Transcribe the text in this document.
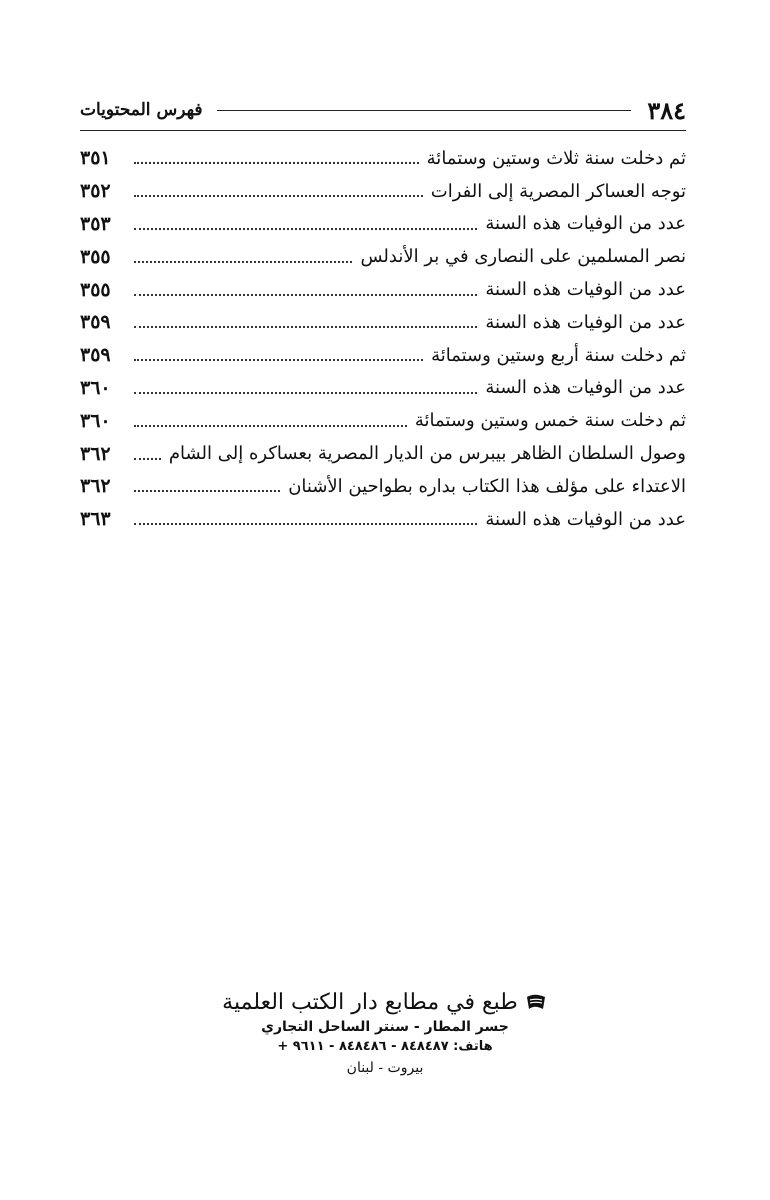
٣٨٤
فهرس المحتويات
ثم دخلت سنة ثلاث وستين وستمائة
٣٥١
توجه العساكر المصرية إلى الفرات
٣٥٢
عدد من الوفيات هذه السنة
٣٥٣
نصر المسلمين على النصارى في بر الأندلس
٣٥٥
عدد من الوفيات هذه السنة
٣٥٥
عدد من الوفيات هذه السنة
٣٥٩
ثم دخلت سنة أربع وستين وستمائة
٣٥٩
عدد من الوفيات هذه السنة
٣٦٠
ثم دخلت سنة خمس وستين وستمائة
٣٦٠
وصول السلطان الظاهر بيبرس من الديار المصرية بعساكره إلى الشام
٣٦٢
الاعتداء على مؤلف هذا الكتاب بداره بطواحين الأشنان
٣٦٢
عدد من الوفيات هذه السنة
٣٦٣
طبع في مطابع دار الكتب العلمية
جسر المطار - سنتر الساحل التجاري
هاتف: ٨٤٨٤٨٧ - ٨٤٨٤٨٦ - ٩٦١١ +
بيروت - لبنان
